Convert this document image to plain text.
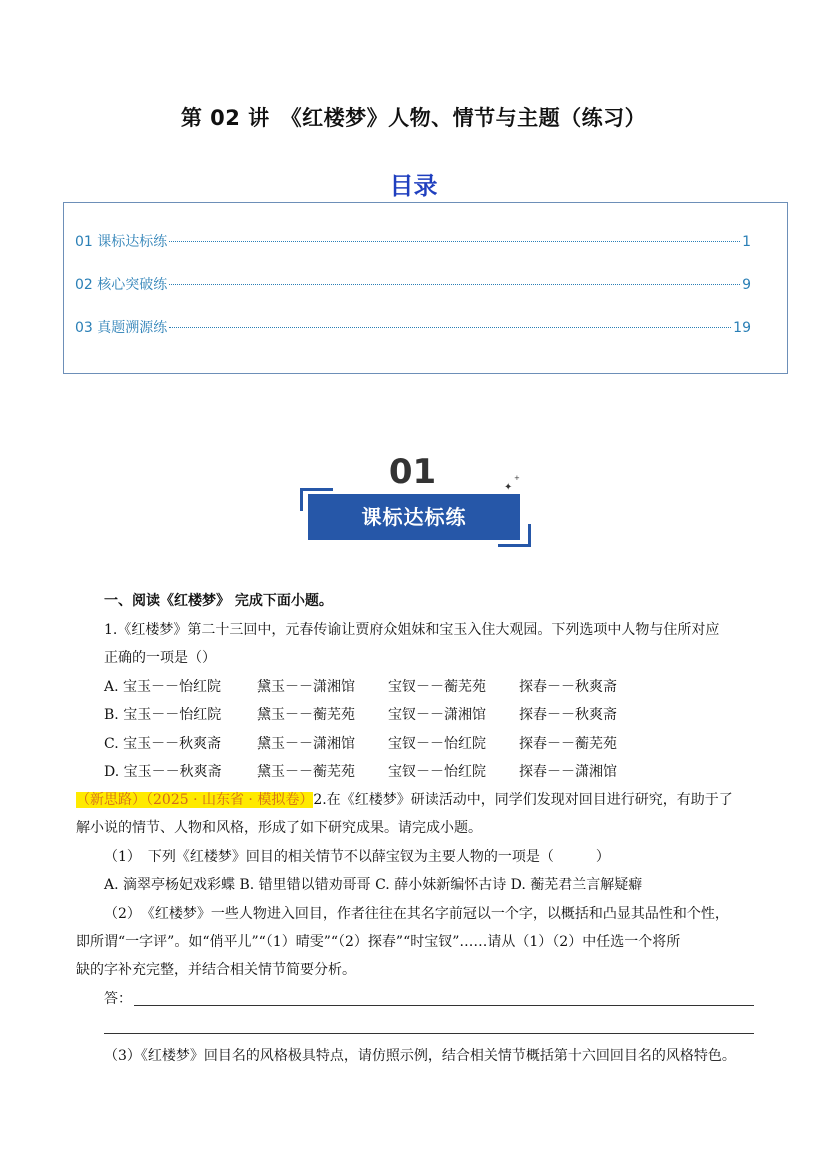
第 02 讲　《红楼梦》人物、情节与主题（练习）
目录
01 课标达标练	1
02 核心突破练	9
03 真题溯源练	19
01
课标达标练
✦
+
一、阅读《红楼梦》 完成下面小题。
1.《红楼梦》第二十三回中，元春传谕让贾府众姐妹和宝玉入住大观园。下列选项中人物与住所对应
正确的一项是（）
A. 宝玉－－怡红院	黛玉－－潇湘馆 宝钗－－蘅芜苑 探春－－秋爽斋
B. 宝玉－－怡红院	黛玉－－蘅芜苑 宝钗－－潇湘馆 探春－－秋爽斋
C. 宝玉－－秋爽斋	黛玉－－潇湘馆 宝钗－－怡红院 探春－－蘅芜苑
D. 宝玉－－秋爽斋	黛玉－－蘅芜苑 宝钗－－怡红院 探春－－潇湘馆
（新思路）（2025 · 山东省 · 模拟卷）2.在《红楼梦》研读活动中，同学们发现对回目进行研究，有助于了
解小说的情节、人物和风格，形成了如下研究成果。请完成小题。
（1）　下列《红楼梦》回目的相关情节不以薛宝钗为主要人物的一项是（　　　）
A. 滴翠亭杨妃戏彩蝶 B. 错里错以错劝哥哥 C. 薛小妹新编怀古诗 D. 蘅芜君兰言解疑癖
（2）　《红楼梦》一些人物进入回目，作者往往在其名字前冠以一个字，以概括和凸显其品性和个性，
即所谓“一字评”。如“俏平儿”“（1）晴雯”“（2）探春”“时宝钗”……请从（1）（2）中任选一个将所
缺的字补充完整，并结合相关情节简要分析。
答：
（3）《红楼梦》回目名的风格极具特点，请仿照示例，结合相关情节概括第十六回回目名的风格特色。
